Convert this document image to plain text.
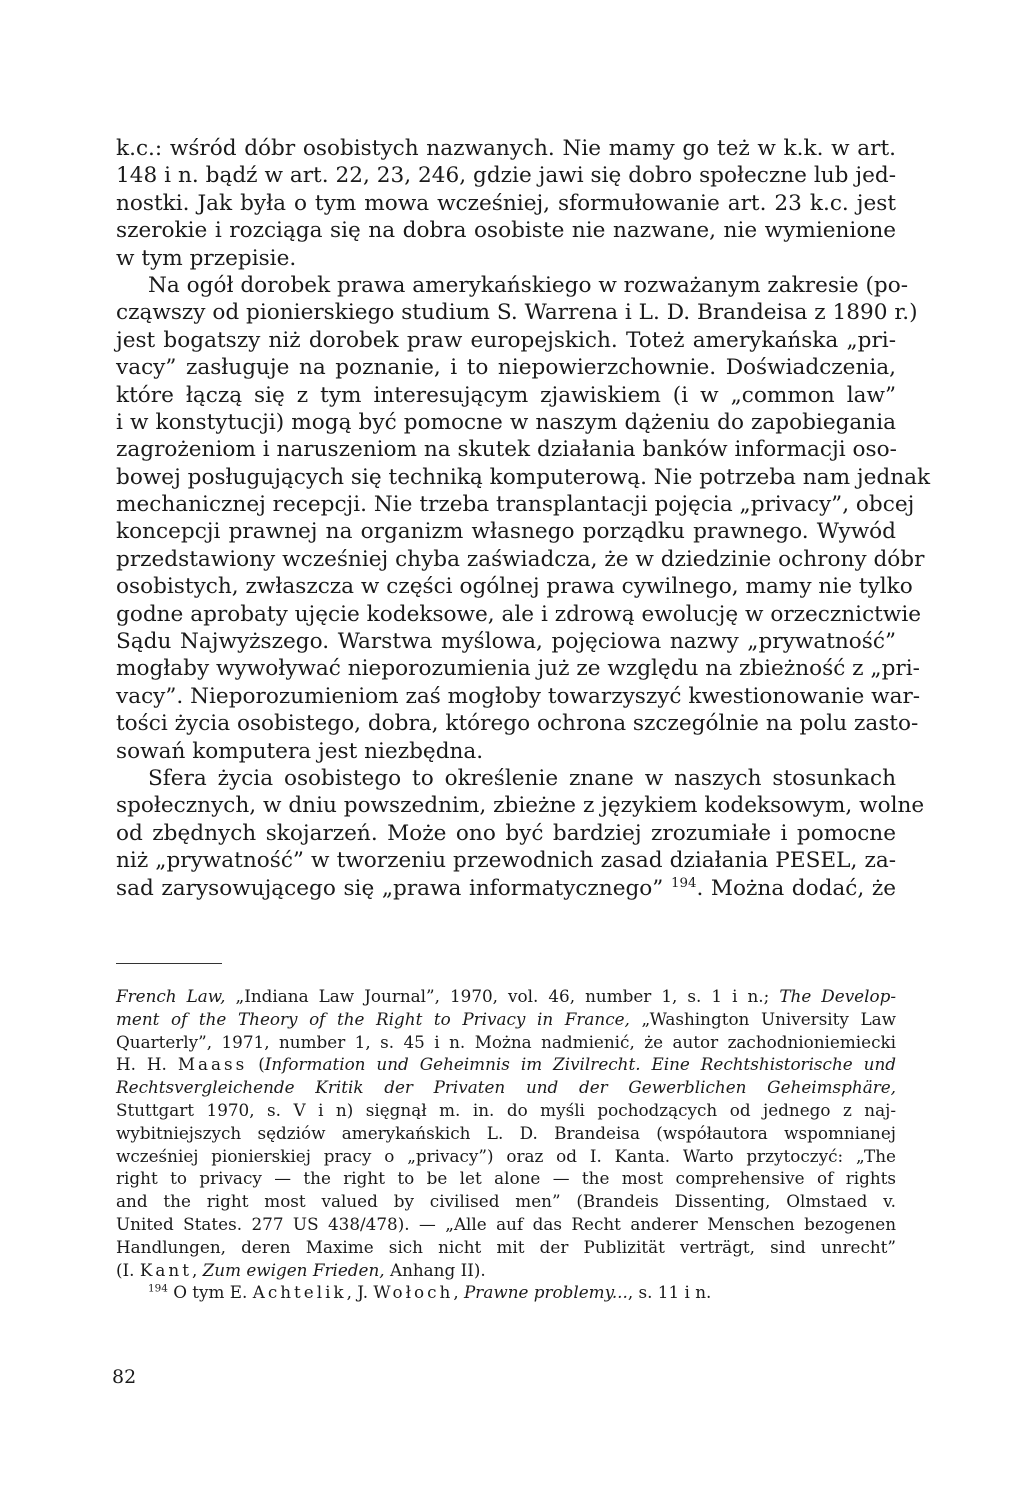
k.c.: wśród dóbr osobistych nazwanych. Nie mamy go też w k.k. w art.
148 i n. bądź w art. 22, 23, 246, gdzie jawi się dobro społeczne lub jed-
nostki. Jak była o tym mowa wcześniej, sformułowanie art. 23 k.c. jest
szerokie i rozciąga się na dobra osobiste nie nazwane, nie wymienione
w tym przepisie.
Na ogół dorobek prawa amerykańskiego w rozważanym zakresie (po-
cząwszy od pionierskiego studium S. Warrena i L. D. Brandeisa z 1890 r.)
jest bogatszy niż dorobek praw europejskich. Toteż amerykańska „pri-
vacy” zasługuje na poznanie, i to niepowierzchownie. Doświadczenia,
które łączą się z tym interesującym zjawiskiem (i w „common law”
i w konstytucji) mogą być pomocne w naszym dążeniu do zapobiegania
zagrożeniom i naruszeniom na skutek działania banków informacji oso-
bowej posługujących się techniką komputerową. Nie potrzeba nam jednak
mechanicznej recepcji. Nie trzeba transplantacji pojęcia „privacy”, obcej
koncepcji prawnej na organizm własnego porządku prawnego. Wywód
przedstawiony wcześniej chyba zaświadcza, że w dziedzinie ochrony dóbr
osobistych, zwłaszcza w części ogólnej prawa cywilnego, mamy nie tylko
godne aprobaty ujęcie kodeksowe, ale i zdrową ewolucję w orzecznictwie
Sądu Najwyższego. Warstwa myślowa, pojęciowa nazwy „prywatność”
mogłaby wywoływać nieporozumienia już ze względu na zbieżność z „pri-
vacy”. Nieporozumieniom zaś mogłoby towarzyszyć kwestionowanie war-
tości życia osobistego, dobra, którego ochrona szczególnie na polu zasto-
sowań komputera jest niezbędna.
Sfera życia osobistego to określenie znane w naszych stosunkach
społecznych, w dniu powszednim, zbieżne z językiem kodeksowym, wolne
od zbędnych skojarzeń. Może ono być bardziej zrozumiałe i pomocne
niż „prywatność” w tworzeniu przewodnich zasad działania PESEL, za-
sad zarysowującego się „prawa informatycznego” $^{194}$. Można dodać, że
French Law, „Indiana Law Journal”, 1970, vol. 46, number 1, s. 1 i n.; The Develop-
ment of the Theory of the Right to Privacy in France, „Washington University Law
Quarterly”, 1971, number 1, s. 45 i n. Można nadmienić, że autor zachodnioniemiecki
H. H. Maass (Information und Geheimnis im Zivilrecht. Eine Rechtshistorische und
Rechtsvergleichende Kritik der Privaten und der Gewerblichen Geheimsphäre,
Stuttgart 1970, s. V i n) sięgnął m. in. do myśli pochodzących od jednego z naj-
wybitniejszych sędziów amerykańskich L. D. Brandeisa (współautora wspomnianej
wcześniej pionierskiej pracy o „privacy”) oraz od I. Kanta. Warto przytoczyć: „The
right to privacy — the right to be let alone — the most comprehensive of rights
and the right most valued by civilised men” (Brandeis Dissenting, Olmstaed v.
United States. 277 US 438/478). — „Alle auf das Recht anderer Menschen bezogenen
Handlungen, deren Maxime sich nicht mit der Publizität verträgt, sind unrecht”
(I. Kant, Zum ewigen Frieden, Anhang II).
$^{194}$ O tym E. Achtelik, J. Wołoch, Prawne problemy..., s. 11 i n.
82
